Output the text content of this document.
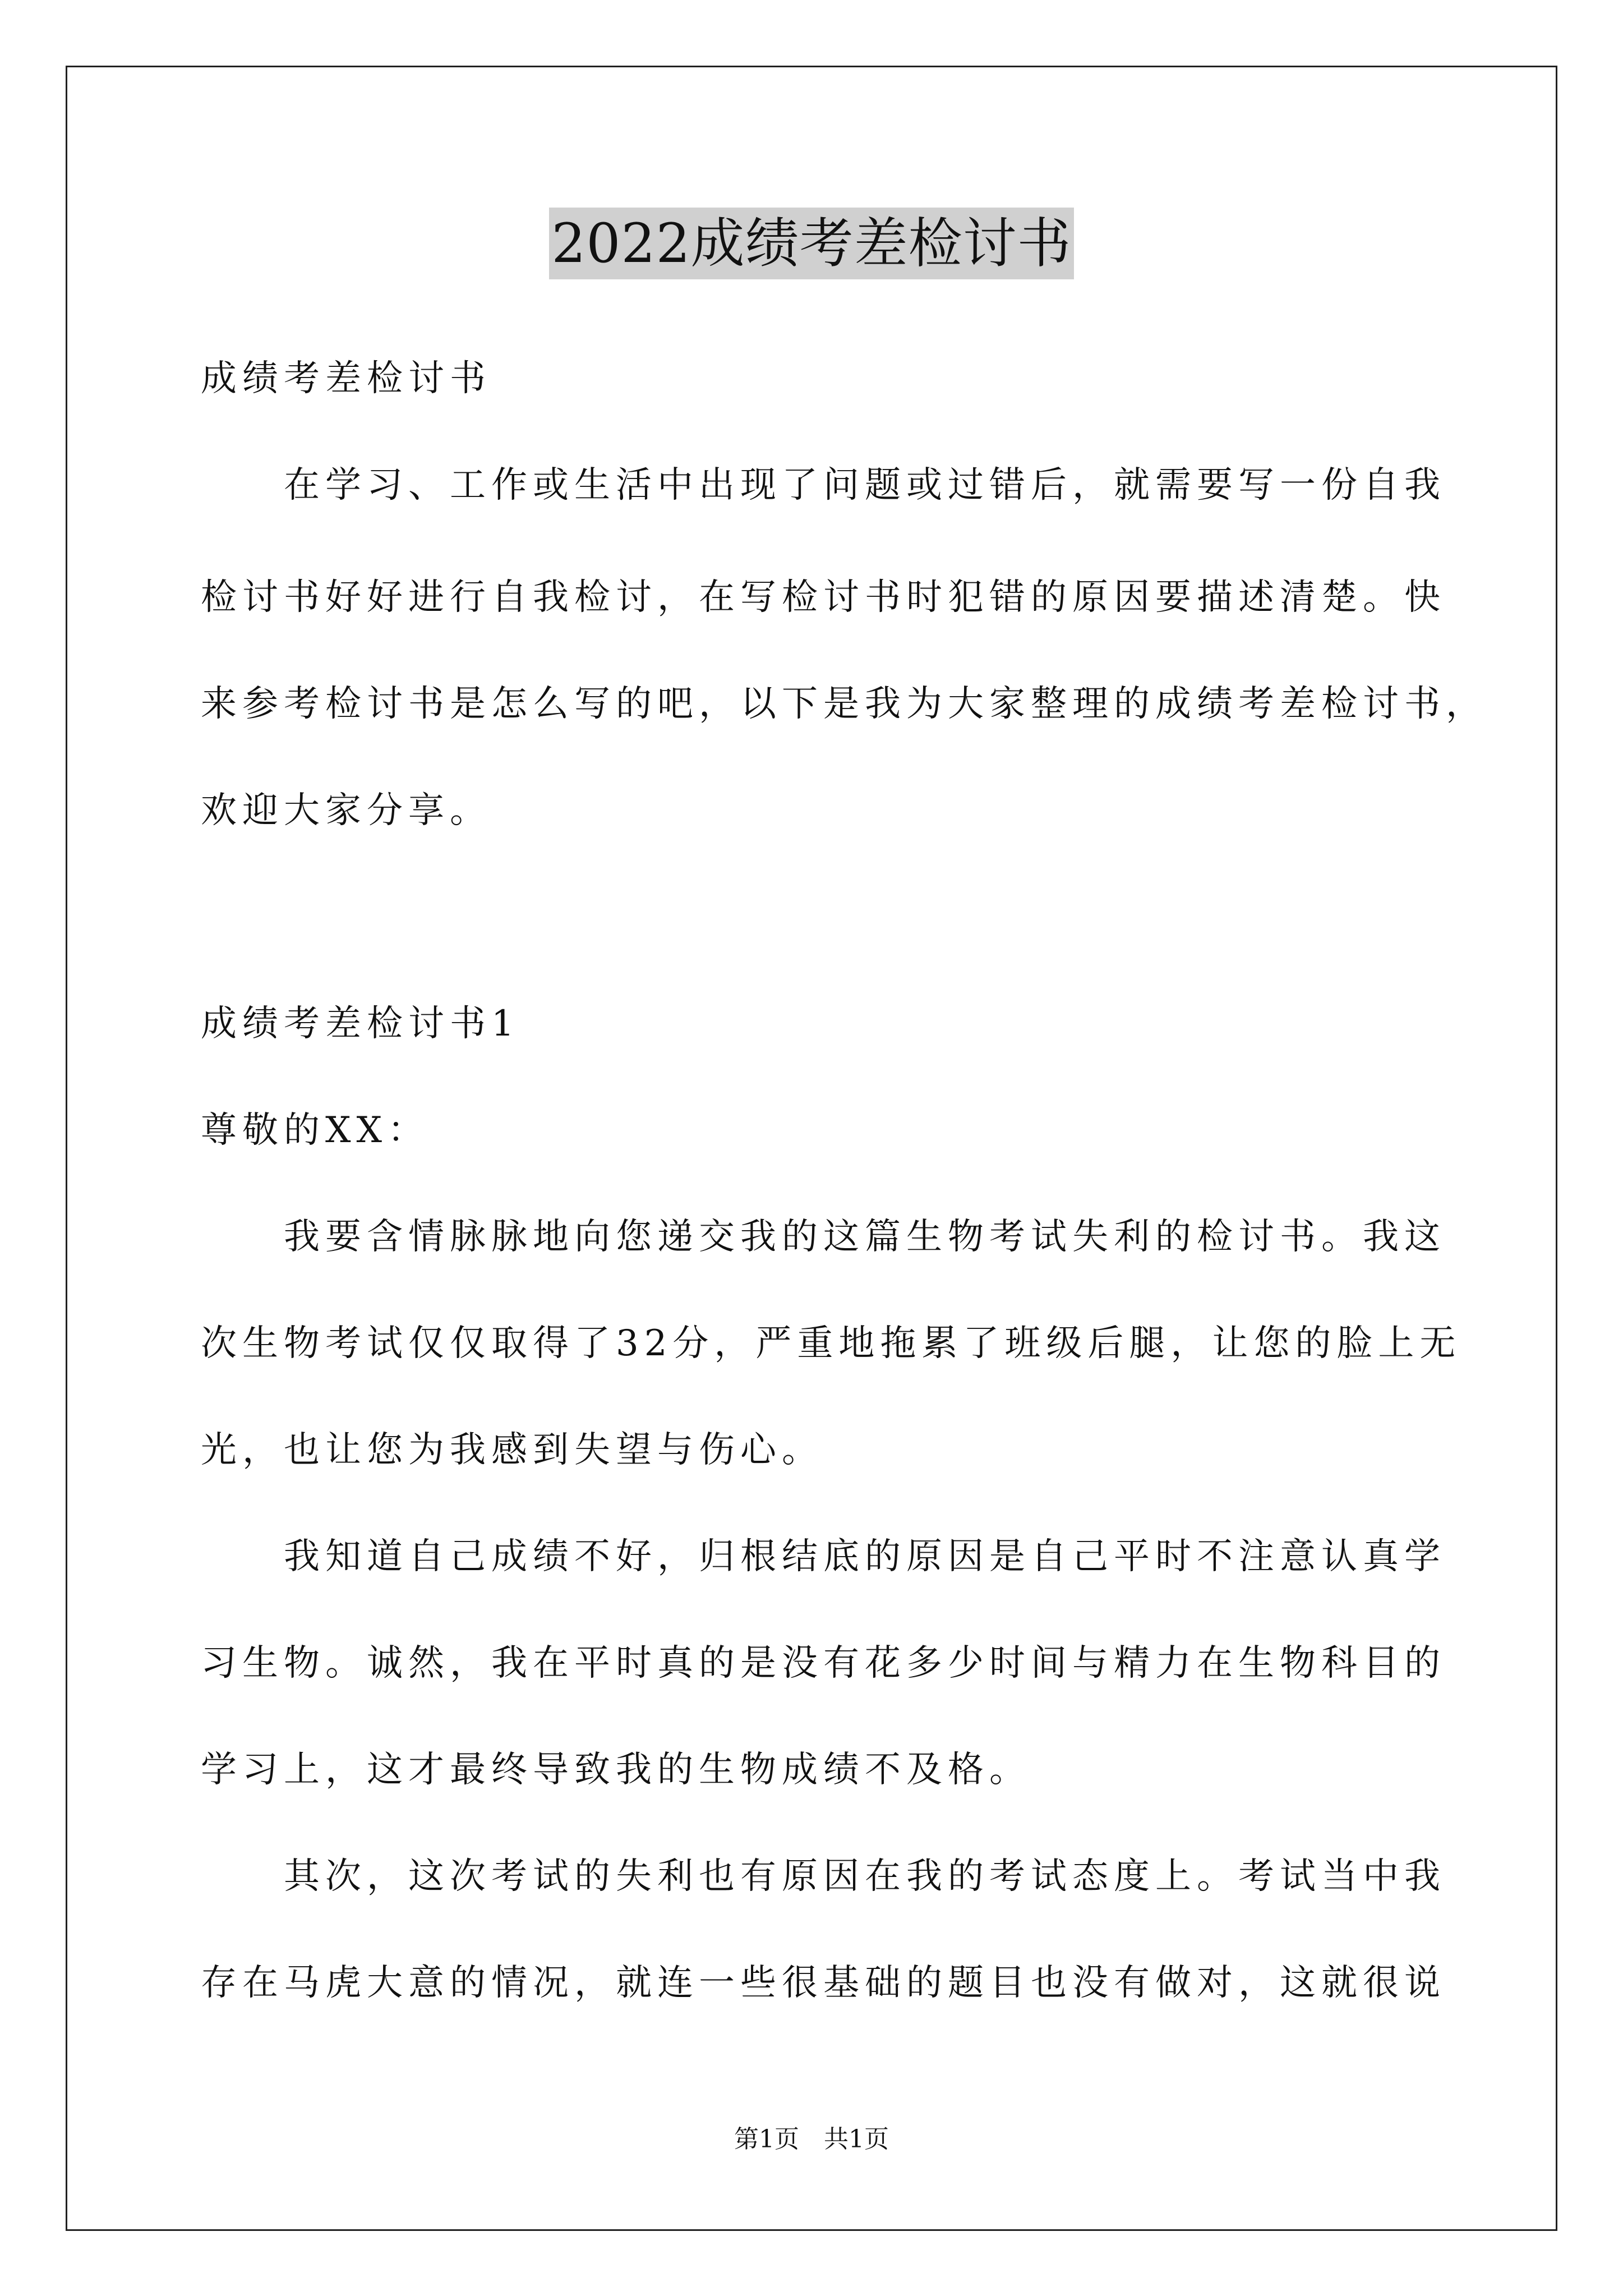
2022成绩考差检讨书
成绩考差检讨书
　　在学习、工作或生活中出现了问题或过错后，就需要写一份自我
检讨书好好进行自我检讨，在写检讨书时犯错的原因要描述清楚。快
来参考检讨书是怎么写的吧，以下是我为大家整理的成绩考差检讨书，
欢迎大家分享。
成绩考差检讨书1
尊敬的XX：
　　我要含情脉脉地向您递交我的这篇生物考试失利的检讨书。我这
次生物考试仅仅取得了32分，严重地拖累了班级后腿，让您的脸上无
光，也让您为我感到失望与伤心。
　　我知道自己成绩不好，归根结底的原因是自己平时不注意认真学
习生物。诚然，我在平时真的是没有花多少时间与精力在生物科目的
学习上，这才最终导致我的生物成绩不及格。
　　其次，这次考试的失利也有原因在我的考试态度上。考试当中我
存在马虎大意的情况，就连一些很基础的题目也没有做对，这就很说
第1页　共1页
